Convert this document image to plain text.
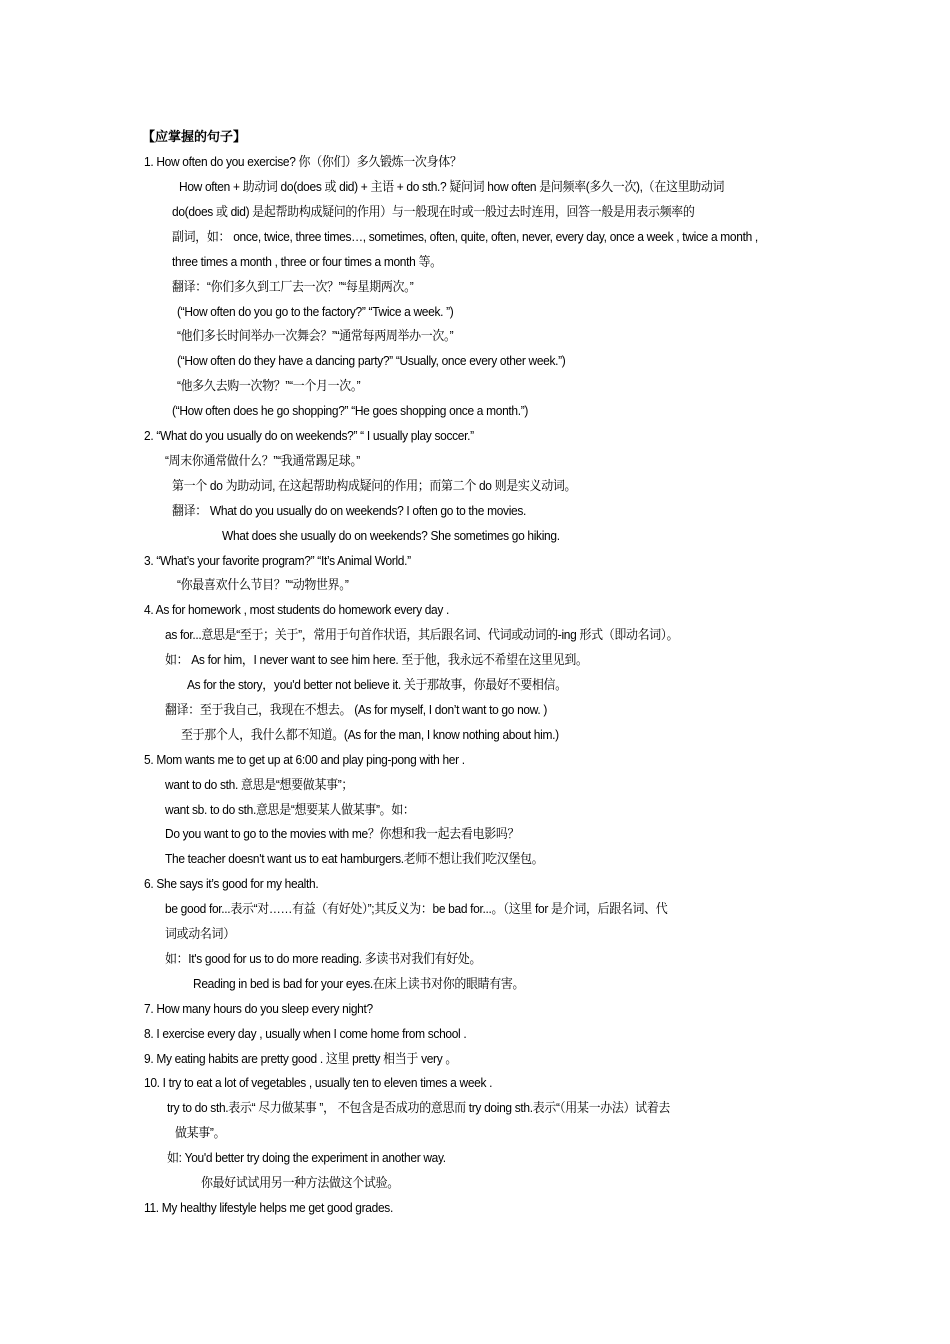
【应掌握的句子】
1. How often do you exercise? 你（你们）多久锻炼一次身体？
How often + 助动词 do(does 或 did) + 主语 + do sth.? 疑问词 how often 是问频率(多久一次),（在这里助动词
do(does 或 did) 是起帮助构成疑问的作用）与一般现在时或一般过去时连用，回答一般是用表示频率的
副词，如： once, twice, three times…, sometimes, often, quite, often, never, every day, once a week , twice a month ,
three times a month , three or four times a month 等。
翻译：“你们多久到工厂去一次？”“每星期两次。”
(“How often do you go to the factory?” “Twice a week. ”)
“他们多长时间举办一次舞会？”“通常每两周举办一次。”
(“How often do they have a dancing party?” “Usually, once every other week.”)
“他多久去购一次物？”“一个月一次。”
(“How often does he go shopping?” “He goes shopping once a month.”)
2. “What do you usually do on weekends?” “ I usually play soccer.”
“周末你通常做什么？”“我通常踢足球。”
第一个 do 为助动词, 在这起帮助构成疑问的作用；而第二个 do 则是实义动词。
翻译： What do you usually do on weekends? I often go to the movies.
What does she usually do on weekends? She sometimes go hiking.
3. “What’s your favorite program?” “It’s Animal World.”
“你最喜欢什么节目？”“动物世界。”
4. As for homework , most students do homework every day .
as for...意思是“至于；关于”，常用于句首作状语，其后跟名词、代词或动词的-ing 形式（即动名词）。
如： As for him，I never want to see him here. 至于他，我永远不希望在这里见到。
As for the story，you'd better not believe it. 关于那故事，你最好不要相信。
翻译：至于我自己，我现在不想去。 (As for myself, I don’t want to go now. )
至于那个人，我什么都不知道。(As for the man, I know nothing about him.)
5. Mom wants me to get up at 6:00 and play ping-pong with her .
want to do sth. 意思是“想要做某事”；
want sb. to do sth.意思是“想要某人做某事”。如：
Do you want to go to the movies with me？你想和我一起去看电影吗？
The teacher doesn't want us to eat hamburgers.老师不想让我们吃汉堡包。
6. She says it’s good for my health.
be good for...表示“对……有益（有好处）”;其反义为：be bad for...。（这里 for 是介词，后跟名词、代
词或动名词）
如：It's good for us to do more reading. 多读书对我们有好处。
Reading in bed is bad for your eyes.在床上读书对你的眼睛有害。
7. How many hours do you sleep every night?
8. I exercise every day , usually when I come home from school .
9. My eating habits are pretty good . 这里 pretty 相当于 very 。
10. I try to eat a lot of vegetables , usually ten to eleven times a week .
try to do sth.表示“ 尽力做某事 ”， 不包含是否成功的意思而 try doing sth.表示“（用某一办法）试着去
做某事”。
如: You'd better try doing the experiment in another way.
你最好试试用另一种方法做这个试验。
11. My healthy lifestyle helps me get good grades.
